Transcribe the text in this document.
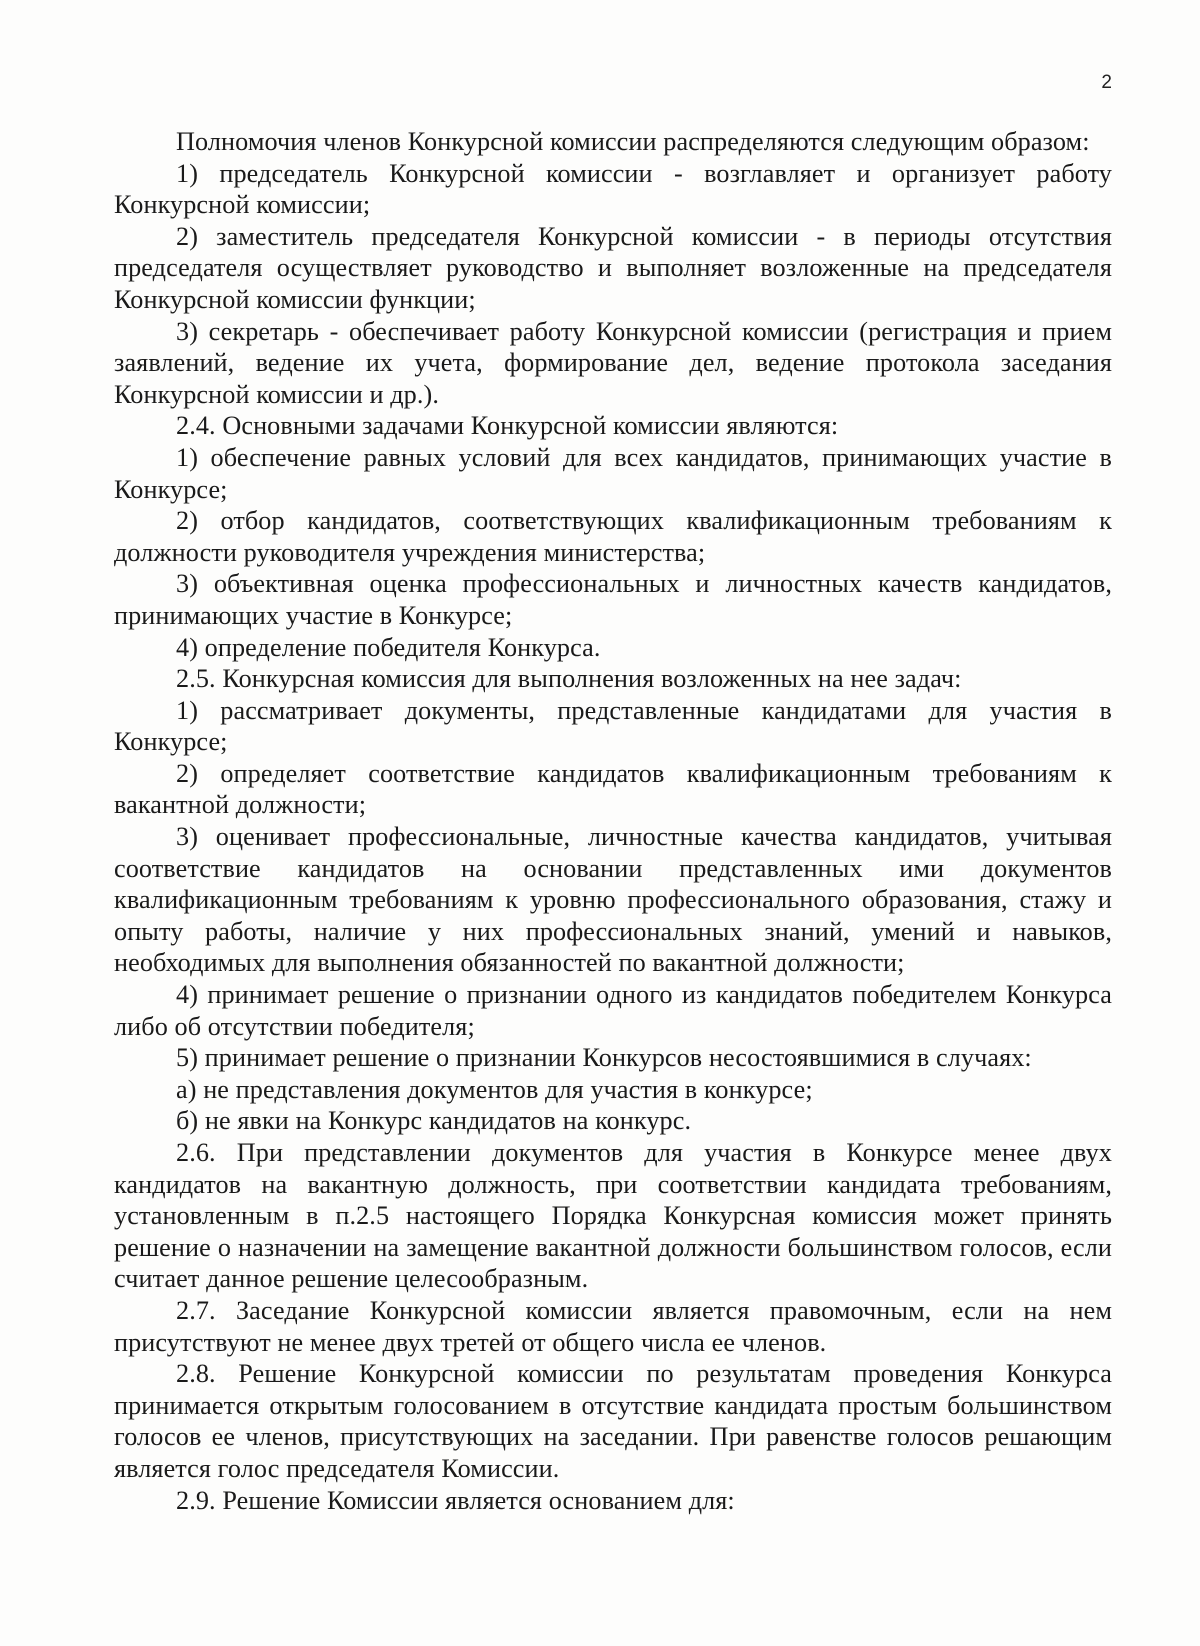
2

Полномочия членов Конкурсной комиссии распределяются следующим образом:

1) председатель Конкурсной комиссии - возглавляет и организует работу Конкурсной комиссии;

2) заместитель председателя Конкурсной комиссии - в периоды отсутствия председателя осуществляет руководство и выполняет возложенные на председателя Конкурсной комиссии функции;

3) секретарь - обеспечивает работу Конкурсной комиссии (регистрация и прием заявлений, ведение их учета, формирование дел, ведение протокола заседания Конкурсной комиссии и др.).

2.4. Основными задачами Конкурсной комиссии являются:

1) обеспечение равных условий для всех кандидатов, принимающих участие в Конкурсе;

2) отбор кандидатов, соответствующих квалификационным требованиям к должности руководителя учреждения министерства;

3) объективная оценка профессиональных и личностных качеств кандидатов, принимающих участие в Конкурсе;

4) определение победителя Конкурса.

2.5. Конкурсная комиссия для выполнения возложенных на нее задач:

1) рассматривает документы, представленные кандидатами для участия в Конкурсе;

2) определяет соответствие кандидатов квалификационным требованиям к вакантной должности;

3) оценивает профессиональные, личностные качества кандидатов, учитывая соответствие кандидатов на основании представленных ими документов квалификационным требованиям к уровню профессионального образования, стажу и опыту работы, наличие у них профессиональных знаний, умений и навыков, необходимых для выполнения обязанностей по вакантной должности;

4) принимает решение о признании одного из кандидатов победителем Конкурса либо об отсутствии победителя;

5) принимает решение о признании Конкурсов несостоявшимися в случаях:

а) не представления документов для участия в конкурсе;

б) не явки на Конкурс кандидатов на конкурс.

2.6. При представлении документов для участия в Конкурсе менее двух кандидатов на вакантную должность, при соответствии кандидата требованиям, установленным в п.2.5 настоящего Порядка Конкурсная комиссия может принять решение о назначении на замещение вакантной должности большинством голосов, если считает данное решение целесообразным.

2.7. Заседание Конкурсной комиссии является правомочным, если на нем присутствуют не менее двух третей от общего числа ее членов.

2.8. Решение Конкурсной комиссии по результатам проведения Конкурса принимается открытым голосованием в отсутствие кандидата простым большинством голосов ее членов, присутствующих на заседании. При равенстве голосов решающим является голос председателя Комиссии.

2.9. Решение Комиссии является основанием для:
